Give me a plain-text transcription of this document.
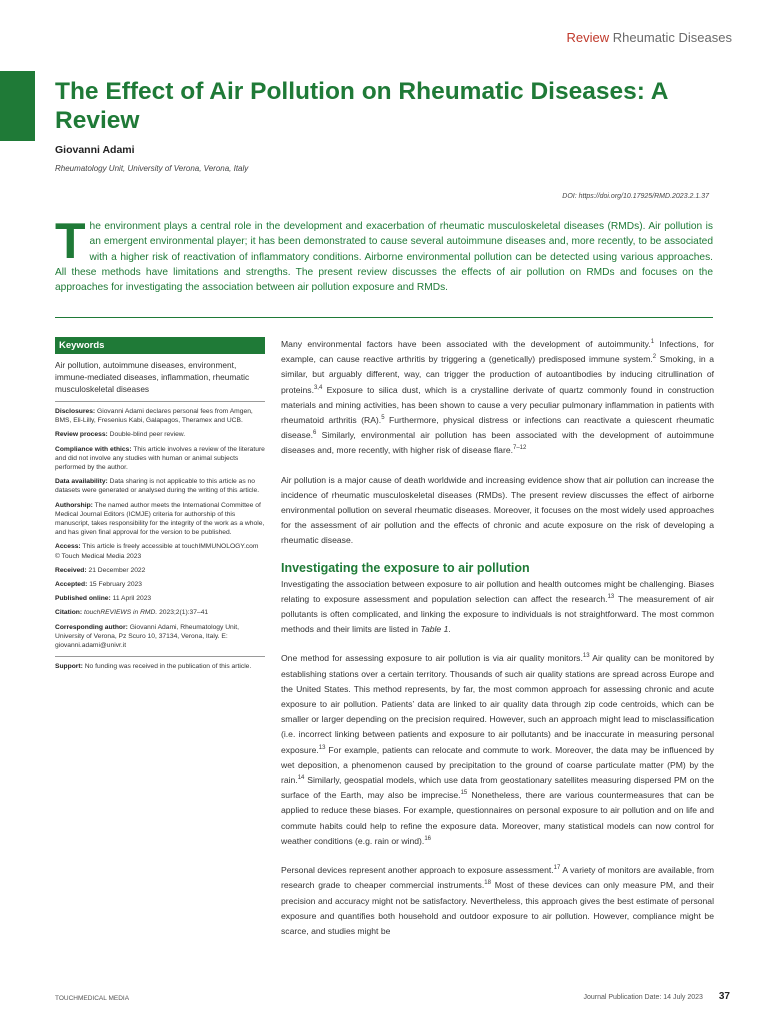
Review Rheumatic Diseases
The Effect of Air Pollution on Rheumatic Diseases: A Review
Giovanni Adami
Rheumatology Unit, University of Verona, Verona, Italy
DOI: https://doi.org/10.17925/RMD.2023.2.1.37

The environment plays a central role in the development and exacerbation of rheumatic musculoskeletal diseases (RMDs). Air pollution is an emergent environmental player; it has been demonstrated to cause several autoimmune diseases and, more recently, to be associated with a higher risk of reactivation of inflammatory conditions. Airborne environmental pollution can be detected using various approaches. All these methods have limitations and strengths. The present review discusses the effects of air pollution on RMDs and focuses on the approaches for investigating the association between air pollution exposure and RMDs.

Keywords
Air pollution, autoimmune diseases, environment, immune-mediated diseases, inflammation, rheumatic musculoskeletal diseases

Disclosures: Giovanni Adami declares personal fees from Amgen, BMS, Eli-Lilly, Fresenius Kabi, Galapagos, Theramex and UCB.

Review process: Double-blind peer review.

Compliance with ethics: This article involves a review of the literature and did not involve any studies with human or animal subjects performed by the author.

Data availability: Data sharing is not applicable to this article as no datasets were generated or analysed during the writing of this article.

Authorship: The named author meets the International Committee of Medical Journal Editors (ICMJE) criteria for authorship of this manuscript, takes responsibility for the integrity of the work as a whole, and has given final approval for the version to be published.

Access: This article is freely accessible at touchIMMUNOLOGY.com © Touch Medical Media 2023

Received: 21 December 2022

Accepted: 15 February 2023

Published online: 11 April 2023

Citation: touchREVIEWS in RMD. 2023;2(1):37–41

Corresponding author: Giovanni Adami, Rheumatology Unit, University of Verona, Pz Scuro 10, 37134, Verona, Italy. E: giovanni.adami@univr.it

Support: No funding was received in the publication of this article.

Many environmental factors have been associated with the development of autoimmunity.$^1$ Infections, for example, can cause reactive arthritis by triggering a (genetically) predisposed immune system.$^2$ Smoking, in a similar, but arguably different, way, can trigger the production of autoantibodies by inducing citrullination of proteins.$^{3,4}$ Exposure to silica dust, which is a crystalline derivate of quartz commonly found in construction materials and mining activities, has been shown to cause a very peculiar pulmonary inflammation in patients with rheumatoid arthritis (RA).$^5$ Furthermore, physical distress or infections can reactivate a quiescent rheumatic disease.$^6$ Similarly, environmental air pollution has been associated with the development of autoimmune diseases and, more recently, with higher risk of disease flare.$^{7-12}$

Air pollution is a major cause of death worldwide and increasing evidence show that air pollution can increase the incidence of rheumatic musculoskeletal diseases (RMDs). The present review discusses the effect of airborne environmental pollution on several rheumatic diseases. Moreover, it focuses on the most widely used approaches for the assessment of air pollution and the effects of chronic and acute exposure on the risk of developing a rheumatic disease.

Investigating the exposure to air pollution

Investigating the association between exposure to air pollution and health outcomes might be challenging. Biases relating to exposure assessment and population selection can affect the research.$^{13}$ The measurement of air pollutants is often complicated, and linking the exposure to individuals is not straightforward. The most common methods and their limits are listed in Table 1.

One method for assessing exposure to air pollution is via air quality monitors.$^{13}$ Air quality can be monitored by establishing stations over a certain territory. Thousands of such air quality stations are spread across Europe and the United States. This method represents, by far, the most common approach for assessing chronic and acute exposure to air pollution. Patients’ data are linked to air quality data through zip code centroids, which can be smaller or larger depending on the precision required. However, such an approach might lead to misclassification (i.e. incorrect linking between patients and exposure to air pollutants) and be inaccurate in measuring personal exposure.$^{13}$ For example, patients can relocate and commute to work. Moreover, the data may be influenced by wet deposition, a phenomenon caused by precipitation to the ground of coarse particulate matter (PM) by the rain.$^{14}$ Similarly, geospatial models, which use data from geostationary satellites measuring dispersed PM on the surface of the Earth, may also be imprecise.$^{15}$ Nonetheless, there are various countermeasures that can be applied to reduce these biases. For example, questionnaires on personal exposure to air pollution and on life and commute habits could help to refine the exposure data. Moreover, many statistical models can now control for weather conditions (e.g. rain or wind).$^{16}$

Personal devices represent another approach to exposure assessment.$^{17}$ A variety of monitors are available, from research grade to cheaper commercial instruments.$^{18}$ Most of these devices can only measure PM, and their precision and accuracy might not be satisfactory. Nevertheless, this approach gives the best estimate of personal exposure and quantifies both household and outdoor exposure to air pollution. However, compliance might be scarce, and studies might be

TOUCHMEDICAL MEDIA	Journal Publication Date: 14 July 2023 37
